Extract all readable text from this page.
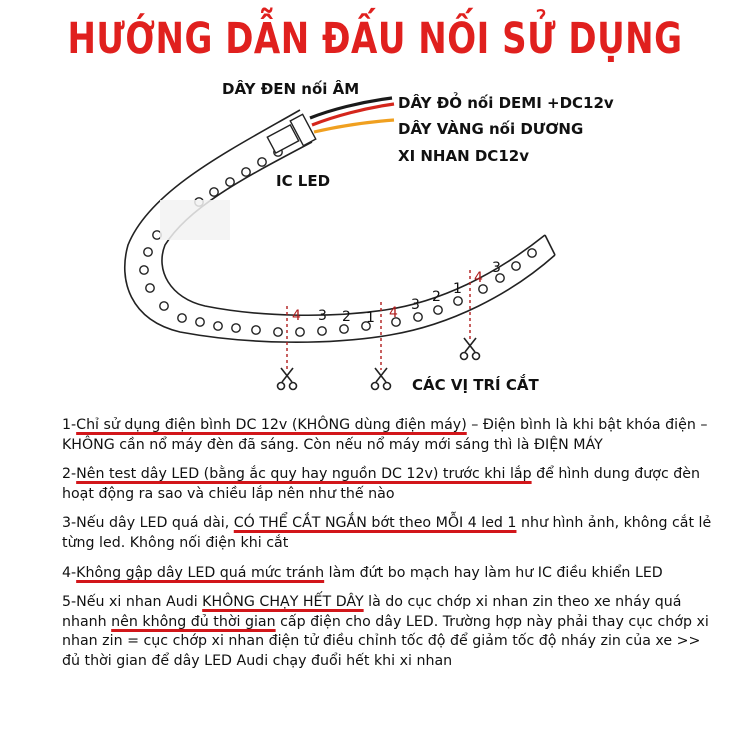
HƯỚNG DẪN ĐẤU NỐI SỬ DỤNG
DÂY ĐEN nối ÂM
DÂY ĐỎ nối DEMI +DC12v
DÂY VÀNG nối DƯƠNG
XI NHAN DC12v
IC LED
4 3 2 1 4 3 2 1
4
3
CÁC VỊ TRÍ CẮT

1-Chỉ sử dụng điện bình DC 12v (KHÔNG dùng điện máy) – Điện bình là khi bật khóa điện – KHÔNG cần nổ máy đèn đã sáng. Còn nếu nổ máy mới sáng thì là ĐIỆN MÁY

2-Nên test dây LED (bằng ắc quy hay nguồn DC 12v) trước khi lắp để hình dung được đèn hoạt động ra sao và chiều lắp nên như thế nào

3-Nếu dây LED quá dài, CÓ THỂ CẮT NGẮN bớt theo MỖI 4 led 1 như hình ảnh, không cắt lẻ từng led. Không nối điện khi cắt

4-Không gập dây LED quá mức tránh làm đứt bo mạch hay làm hư IC điều khiển LED

5-Nếu xi nhan Audi KHÔNG CHẠY HẾT DÂY là do cục chớp xi nhan zin theo xe nháy quá nhanh nên không đủ thời gian cấp điện cho dây LED. Trường hợp này phải thay cục chớp xi nhan zin = cục chớp xi nhan điện tử điều chỉnh tốc độ để giảm tốc độ nháy zin của xe >> đủ thời gian để dây LED Audi chạy đuổi hết khi xi nhan
